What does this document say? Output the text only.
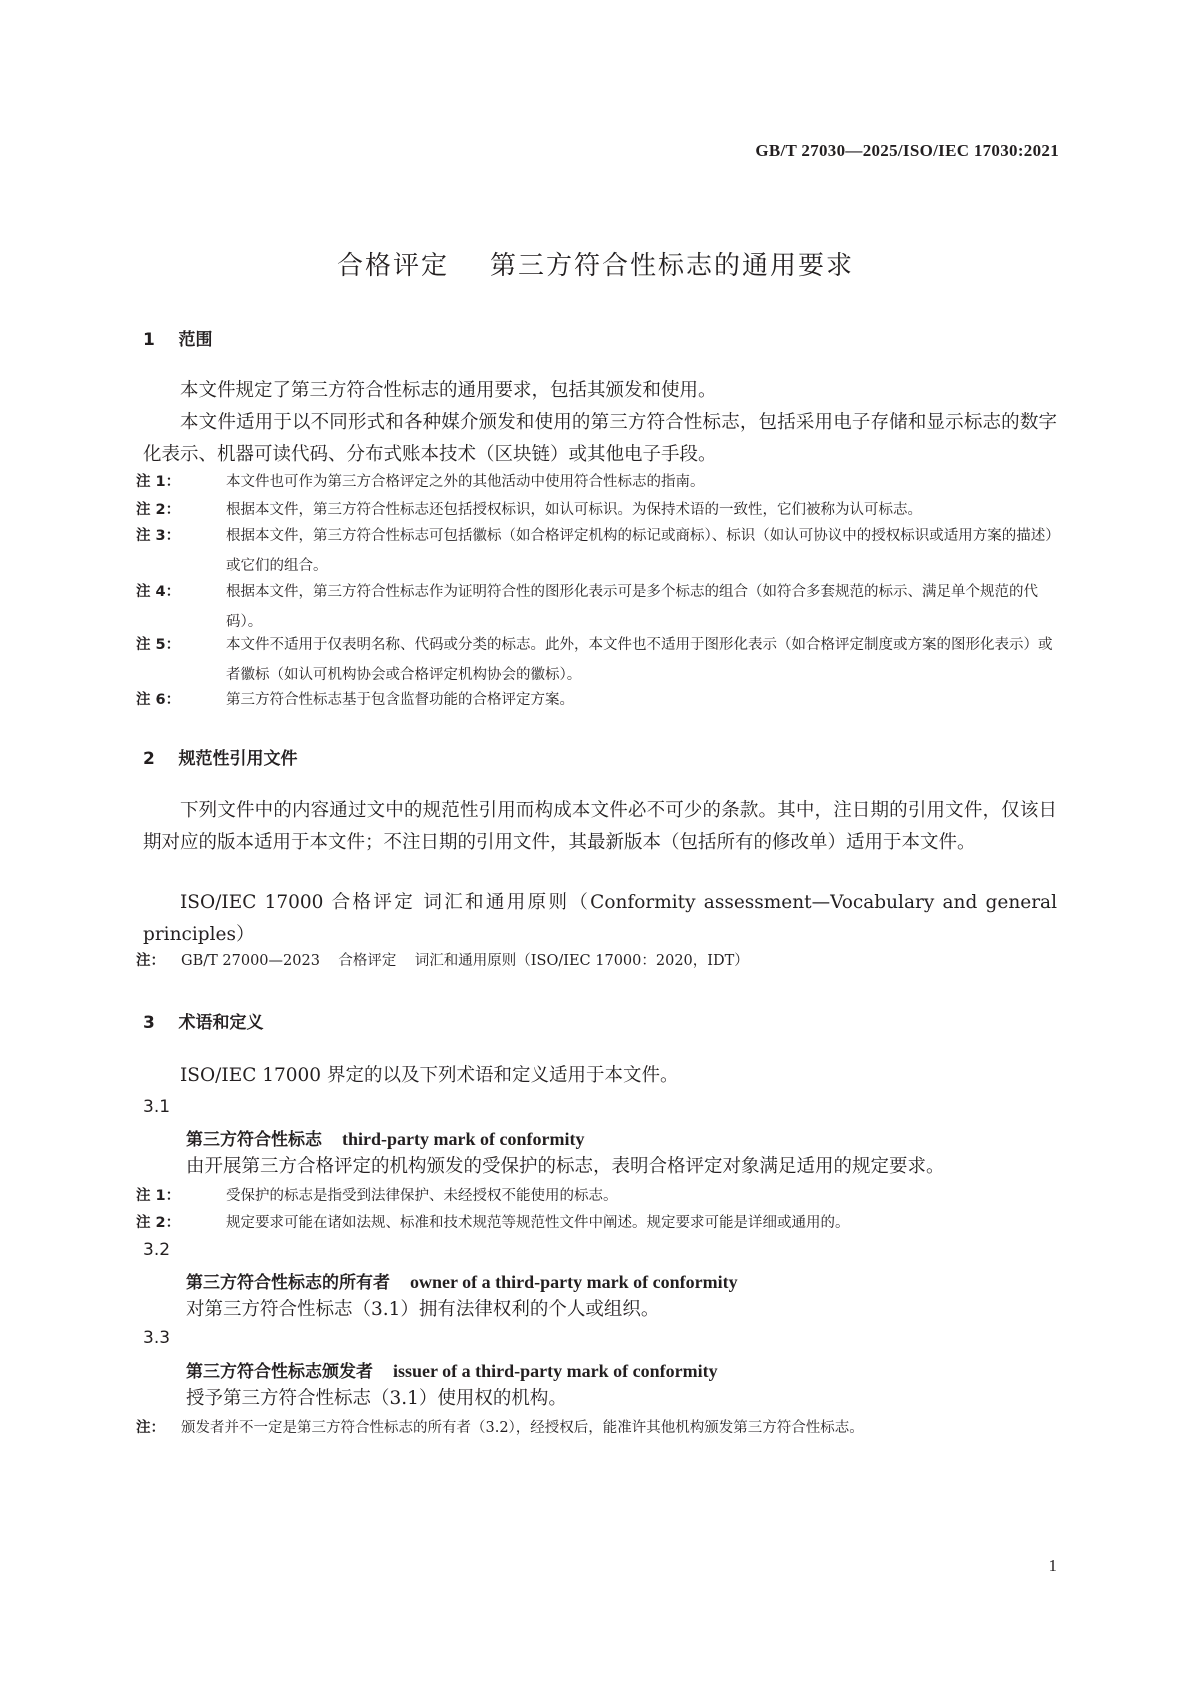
GB/T 27030—2025/ISO/IEC 17030:2021
合格评定    第三方符合性标志的通用要求
1 范围
本文件规定了第三方符合性标志的通用要求，包括其颁发和使用。
本文件适用于以不同形式和各种媒介颁发和使用的第三方符合性标志，包括采用电子存储和显示标志的数字化表示、机器可读代码、分布式账本技术（区块链）或其他电子手段。
注 1：	本文件也可作为第三方合格评定之外的其他活动中使用符合性标志的指南。
注 2：	根据本文件，第三方符合性标志还包括授权标识，如认可标识。为保持术语的一致性，它们被称为认可标志。
注 3：	根据本文件，第三方符合性标志可包括徽标（如合格评定机构的标记或商标）、标识（如认可协议中的授权标识或适用方案的描述）或它们的组合。
注 4：	根据本文件，第三方符合性标志作为证明符合性的图形化表示可是多个标志的组合（如符合多套规范的标示、满足单个规范的代码）。
注 5：	本文件不适用于仅表明名称、代码或分类的标志。此外，本文件也不适用于图形化表示（如合格评定制度或方案的图形化表示）或者徽标（如认可机构协会或合格评定机构协会的徽标）。
注 6：	第三方符合性标志基于包含监督功能的合格评定方案。
2 规范性引用文件
下列文件中的内容通过文中的规范性引用而构成本文件必不可少的条款。其中，注日期的引用文件，仅该日期对应的版本适用于本文件；不注日期的引用文件，其最新版本（包括所有的修改单）适用于本文件。
ISO/IEC 17000 合格评定 词汇和通用原则（Conformity assessment—Vocabulary and general principles）
注： GB/T 27000—2023    合格评定    词汇和通用原则（ISO/IEC 17000：2020，IDT）
3 术语和定义
ISO/IEC 17000 界定的以及下列术语和定义适用于本文件。
3.1
第三方符合性标志 third-party mark of conformity
由开展第三方合格评定的机构颁发的受保护的标志，表明合格评定对象满足适用的规定要求。
注 1：	受保护的标志是指受到法律保护、未经授权不能使用的标志。
注 2：	规定要求可能在诸如法规、标准和技术规范等规范性文件中阐述。规定要求可能是详细或通用的。
3.2
第三方符合性标志的所有者 owner of a third-party mark of conformity
对第三方符合性标志（3.1）拥有法律权利的个人或组织。
3.3
第三方符合性标志颁发者 issuer of a third-party mark of conformity
授予第三方符合性标志（3.1）使用权的机构。
注： 颁发者并不一定是第三方符合性标志的所有者（3.2），经授权后，能准许其他机构颁发第三方符合性标志。
1
